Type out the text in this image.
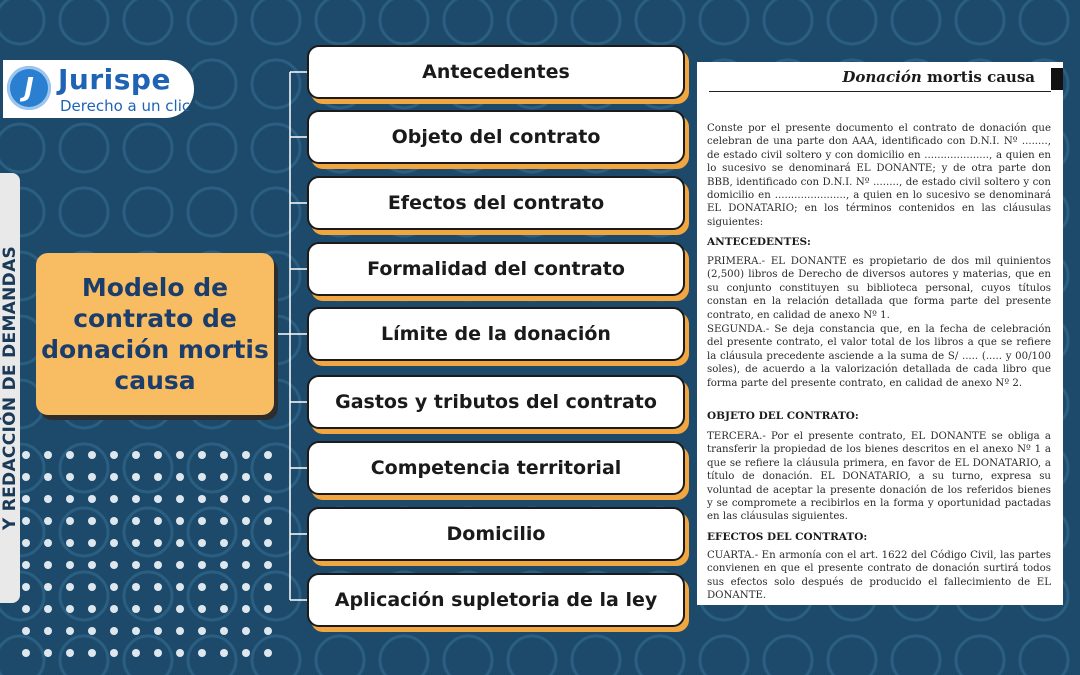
J Jurispe
Derecho a un clic
Y REDACCIÓN DE DEMANDAS	Modelo de contrato de donación mortis causa
Antecedentes
Objeto del contrato
Efectos del contrato
Formalidad del contrato
Límite de la donación
Gastos y tributos del contrato
Competencia territorial
Domicilio
Aplicación supletoria de la ley
Donación mortis causa
Conste por el presente documento el contrato de donación que celebran de una parte don AAA, identificado con D.N.I. Nº ........, de estado civil soltero y con domicilio en ...................., a quien en lo sucesivo se denominará EL DONANTE; y de otra parte don BBB, identificado con D.N.I. Nº ........, de estado civil soltero y con domicilio en ......................, a quien en lo sucesivo se denominará EL DONATARIO; en los términos contenidos en las cláusulas siguientes:
ANTECEDENTES:
PRIMERA.- EL DONANTE es propietario de dos mil quinientos (2,500) libros de Derecho de diversos autores y materias, que en su conjunto constituyen su biblioteca personal, cuyos títulos constan en la relación detallada que forma parte del presente contrato, en calidad de anexo Nº 1.
SEGUNDA.- Se deja constancia que, en la fecha de celebración del presente contrato, el valor total de los libros a que se refiere la cláusula precedente asciende a la suma de S/ ..... (..... y 00/100 soles), de acuerdo a la valorización detallada de cada libro que forma parte del presente contrato, en calidad de anexo Nº 2.
OBJETO DEL CONTRATO:
TERCERA.- Por el presente contrato, EL DONANTE se obliga a transferir la propiedad de los bienes descritos en el anexo Nº 1 a que se refiere la cláusula primera, en favor de EL DONATARIO, a título de donación. EL DONATARIO, a su turno, expresa su voluntad de aceptar la presente donación de los referidos bienes y se compromete a recibirlos en la forma y oportunidad pactadas en las cláusulas siguientes.
EFECTOS DEL CONTRATO:
CUARTA.- En armonía con el art. 1622 del Código Civil, las partes convienen en que el presente contrato de donación surtirá todos sus efectos solo después de producido el fallecimiento de EL DONANTE.
